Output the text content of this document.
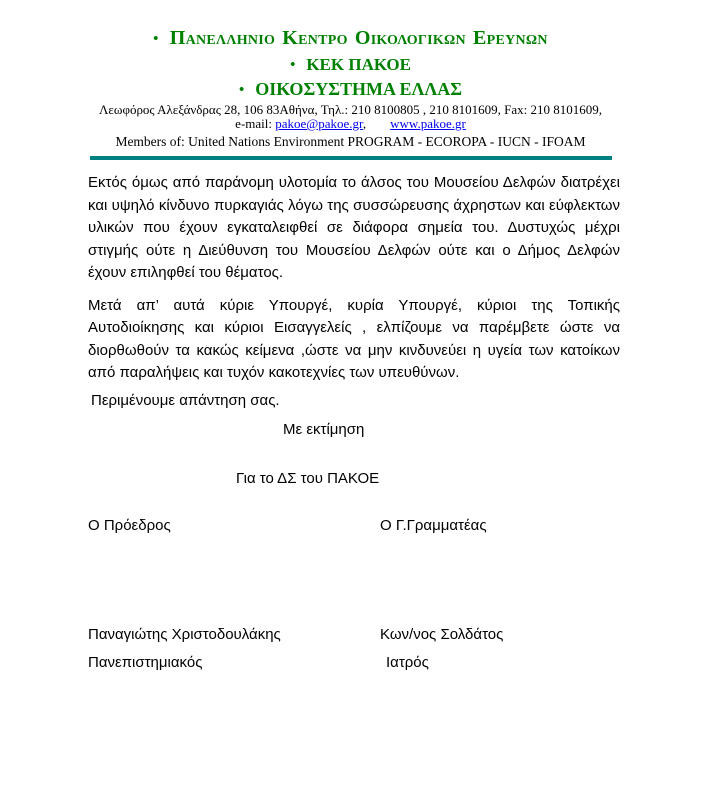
• ΠΑΝΕΛΛΗΝΙΟ ΚΕΝΤΡΟ ΟΙΚΟΛΟΓΙΚΩΝ ΕΡΕΥΝΩΝ
• ΚΕΚ ΠΑΚΟΕ
• ΟΙΚΟΣΥΣΤΗΜΑ ΕΛΛΑΣ
Λεωφόρος Αλεξάνδρας 28, 106 83Αθήνα, Τηλ.: 210 8100805 , 210 8101609, Fax: 210 8101609,
e-mail: pakoe@pakoe.gr, www.pakoe.gr
Members of: United Nations Environment PROGRAM - ECOROPA - IUCN - IFOAM

Εκτός όμως από παράνομη υλοτομία το άλσος του Μουσείου Δελφών διατρέχει και υψηλό κίνδυνο πυρκαγιάς λόγω της συσσώρευσης άχρηστων και εύφλεκτων υλικών που έχουν εγκαταλειφθεί σε διάφορα σημεία του. Δυστυχώς μέχρι στιγμής ούτε η Διεύθυνση του Μουσείου Δελφών ούτε και ο Δήμος Δελφών έχουν επιληφθεί του θέματος.

Μετά απ’ αυτά κύριε Υπουργέ, κυρία Υπουργέ, κύριοι της Τοπικής Αυτοδιοίκησης και κύριοι Εισαγγελείς , ελπίζουμε να παρέμβετε ώστε να διορθωθούν τα κακώς κείμενα ,ώστε να μην κινδυνεύει η υγεία των κατοίκων από παραλήψεις και τυχόν κακοτεχνίες των υπευθύνων.

Περιμένουμε απάντηση σας.

Με εκτίμηση
Για το ΔΣ του ΠΑΚΟΕ
Ο Πρόεδρος	Ο Γ.Γραμματέας
Παναγιώτης Χριστοδουλάκης	Κων/νος Σολδάτος
Πανεπιστημιακός	Ιατρός
